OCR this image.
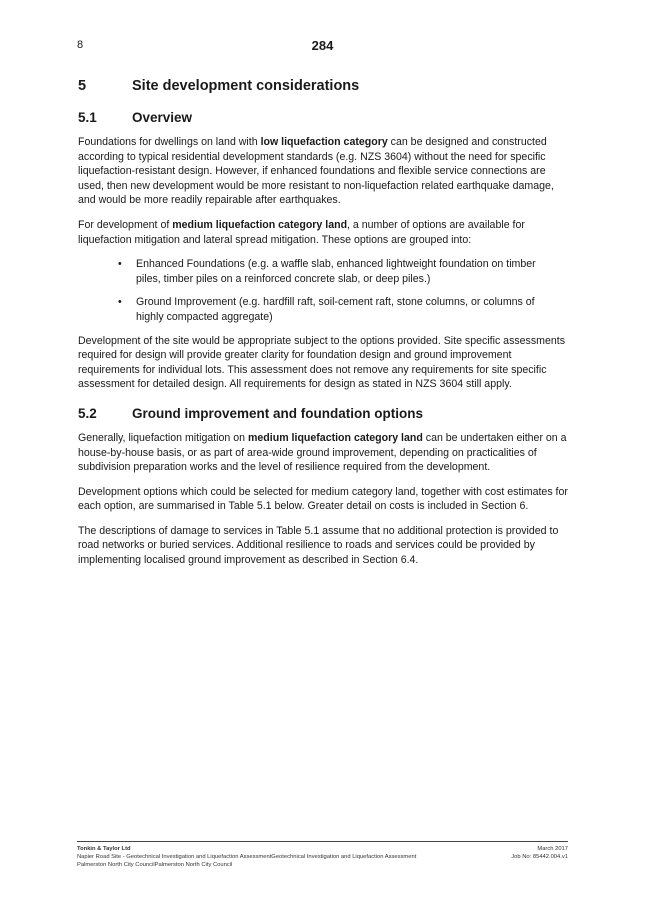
8	284
5	Site development considerations
5.1	Overview

Foundations for dwellings on land with low liquefaction category can be designed and constructed according to typical residential development standards (e.g. NZS 3604) without the need for specific liquefaction-resistant design. However, if enhanced foundations and flexible service connections are used, then new development would be more resistant to non-liquefaction related earthquake damage, and would be more readily repairable after earthquakes.

For development of medium liquefaction category land, a number of options are available for liquefaction mitigation and lateral spread mitigation. These options are grouped into:

• Enhanced Foundations (e.g. a waffle slab, enhanced lightweight foundation on timber piles, timber piles on a reinforced concrete slab, or deep piles.)
• Ground Improvement (e.g. hardfill raft, soil-cement raft, stone columns, or columns of highly compacted aggregate)

Development of the site would be appropriate subject to the options provided. Site specific assessments required for design will provide greater clarity for foundation design and ground improvement requirements for individual lots. This assessment does not remove any requirements for site specific assessment for detailed design. All requirements for design as stated in NZS 3604 still apply.

5.2	Ground improvement and foundation options

Generally, liquefaction mitigation on medium liquefaction category land can be undertaken either on a house-by-house basis, or as part of area-wide ground improvement, depending on practicalities of subdivision preparation works and the level of resilience required from the development.

Development options which could be selected for medium category land, together with cost estimates for each option, are summarised in Table 5.1 below. Greater detail on costs is included in Section 6.

The descriptions of damage to services in Table 5.1 assume that no additional protection is provided to road networks or buried services. Additional resilience to roads and services could be provided by implementing localised ground improvement as described in Section 6.4.

Tonkin & Taylor Ltd
Napier Road Site - Geotechnical Investigation and Liquefaction AssessmentGeotechnical Investigation and Liquefaction Assessment
Palmerston North City CouncilPalmerston North City Council
March 2017
Job No: 85442.004.v1
